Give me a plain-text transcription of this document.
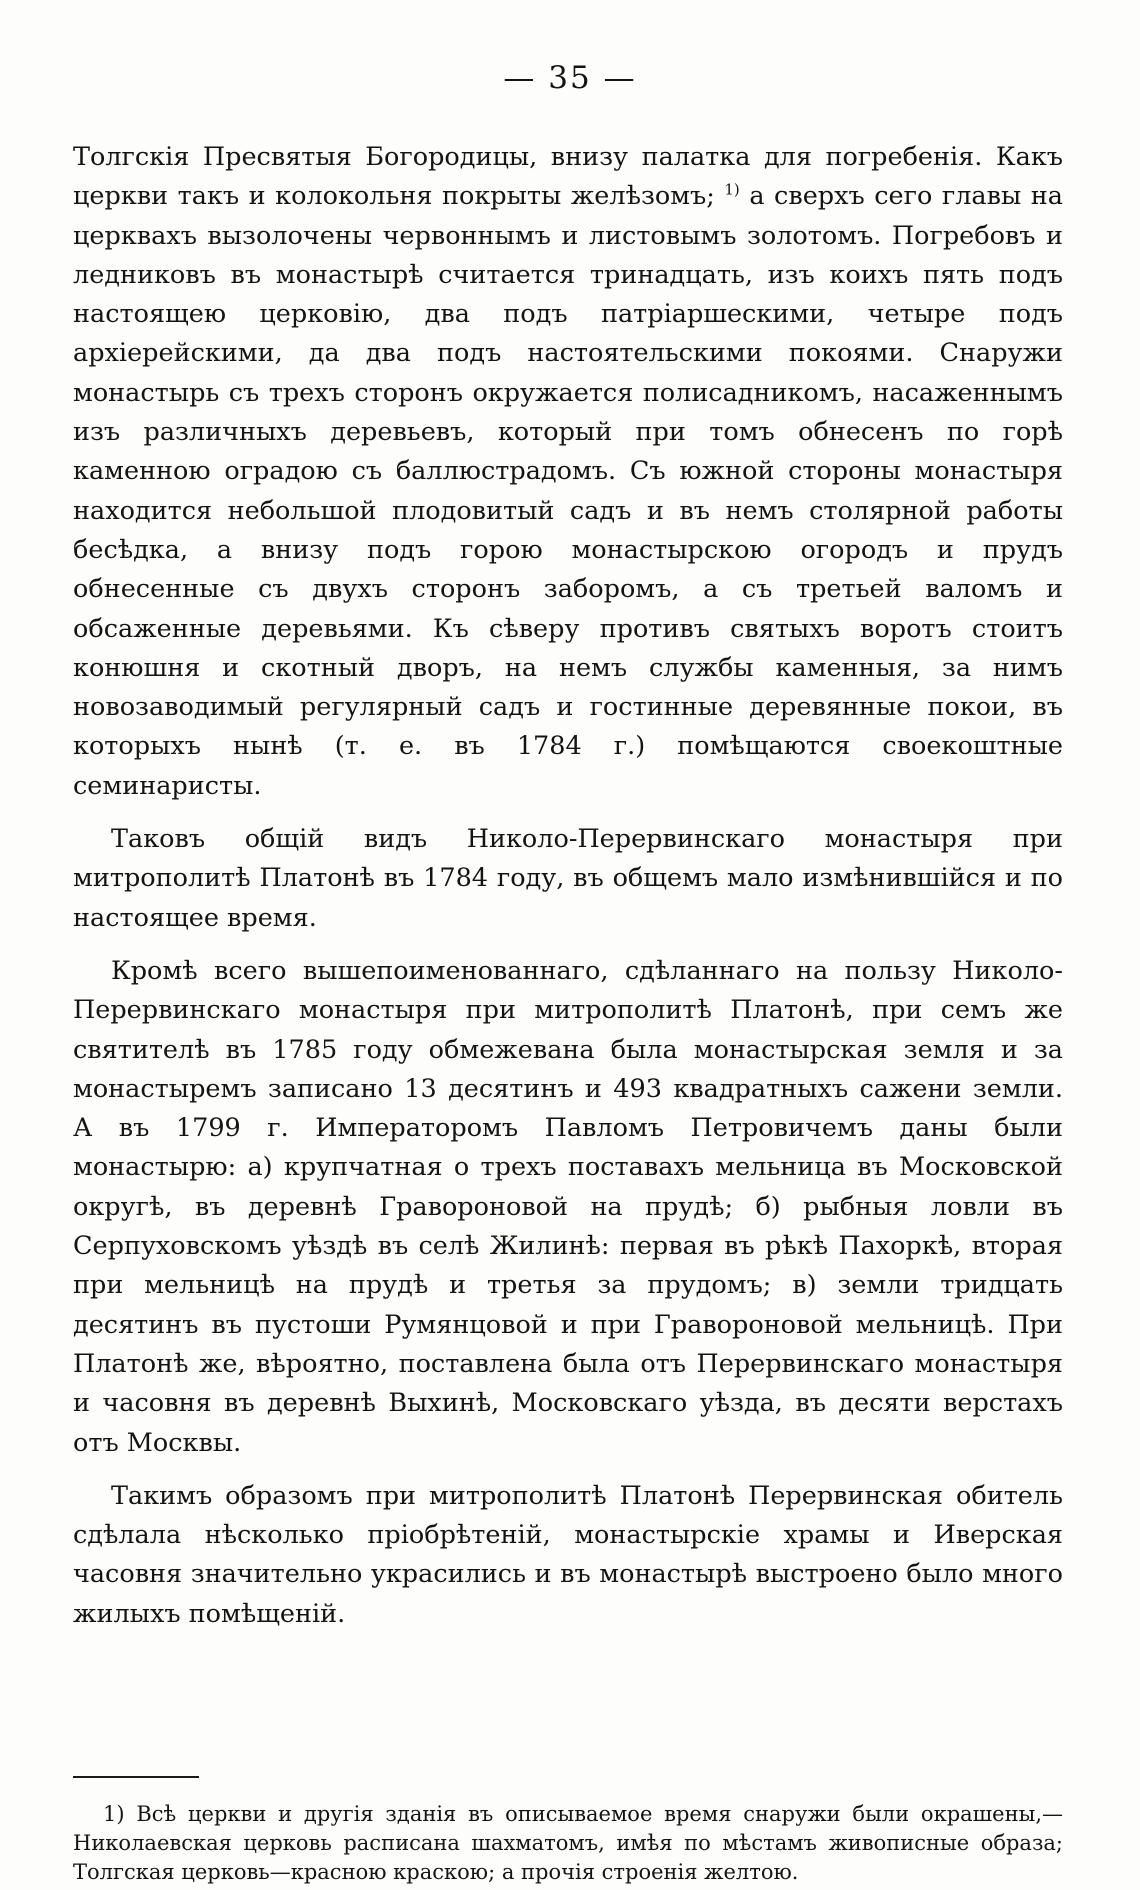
— 35 —

Толгскія Пресвятыя Богородицы, внизу палатка для погребенія. Какъ церкви такъ и колокольня покрыты желѣзомъ; $^{1)}$ а сверхъ сего главы на церквахъ вызолочены червоннымъ и листовымъ золотомъ. Погребовъ и ледниковъ въ монастырѣ считается тринадцать, изъ коихъ пять подъ настоящею церковію, два подъ патріаршескими, четыре подъ архіерейскими, да два подъ настоятельскими покоями. Снаружи монастырь съ трехъ сторонъ окружается полисадникомъ, насаженнымъ изъ различныхъ деревьевъ, который при томъ обнесенъ по горѣ каменною оградою съ баллюстрадомъ. Съ южной стороны монастыря находится небольшой плодовитый садъ и въ немъ столярной работы бесѣдка, а внизу подъ горою монастырскою огородъ и прудъ обнесенные съ двухъ сторонъ заборомъ, а съ третьей валомъ и обсаженные деревьями. Къ сѣверу противъ святыхъ воротъ стоитъ конюшня и скотный дворъ, на немъ службы каменныя, за нимъ новозаводимый регулярный садъ и гостинные деревянные покои, въ которыхъ нынѣ (т. е. въ 1784 г.) помѣщаются своекоштные семинаристы.

Таковъ общій видъ Николо-Перервинскаго монастыря при митрополитѣ Платонѣ въ 1784 году, въ общемъ мало измѣнившійся и по настоящее время.

Кромѣ всего вышепоименованнаго, сдѣланнаго на пользу Николо-Перервинскаго монастыря при митрополитѣ Платонѣ, при семъ же святителѣ въ 1785 году обмежевана была монастырская земля и за монастыремъ записано 13 десятинъ и 493 квадратныхъ сажени земли. А въ 1799 г. Императоромъ Павломъ Петровичемъ даны были монастырю: а) крупчатная о трехъ поставахъ мельница въ Московской округѣ, въ деревнѣ Гравороновой на прудѣ; б) рыбныя ловли въ Серпуховскомъ уѣздѣ въ селѣ Жилинѣ: первая въ рѣкѣ Пахоркѣ, вторая при мельницѣ на прудѣ и третья за прудомъ; в) земли тридцать десятинъ въ пустоши Румянцовой и при Гравороновой мельницѣ. При Платонѣ же, вѣроятно, поставлена была отъ Перервинскаго монастыря и часовня въ деревнѣ Выхинѣ, Московскаго уѣзда, въ десяти верстахъ отъ Москвы.

Такимъ образомъ при митрополитѣ Платонѣ Перервинская обитель сдѣлала нѣсколько пріобрѣтеній, монастырскіе храмы и Иверская часовня значительно украсились и въ монастырѣ выстроено было много жилыхъ помѣщеній.

1) Всѣ церкви и другія зданія въ описываемое время снаружи были окрашены,—Николаевская церковь расписана шахматомъ, имѣя по мѣстамъ живописные образа; Толгская церковь—красною краскою; а прочія строенія желтою.
